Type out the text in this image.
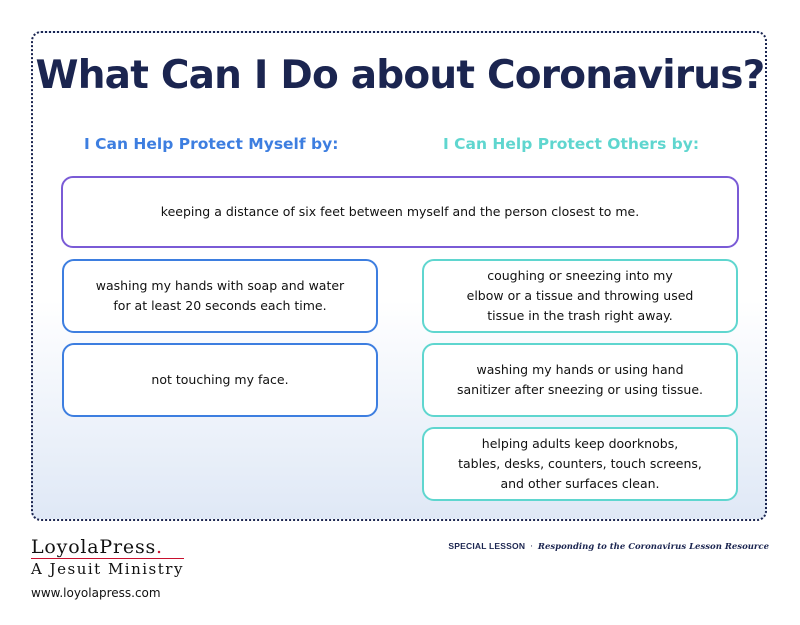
What Can I Do about Coronavirus?
I Can Help Protect Myself by:	I Can Help Protect Others by:
keeping a distance of six feet between myself and the person closest to me.
washing my hands with soap and water
for at least 20 seconds each time.
not touching my face.
coughing or sneezing into my
elbow or a tissue and throwing used
tissue in the trash right away.
washing my hands or using hand
sanitizer after sneezing or using tissue.
helping adults keep doorknobs,
tables, desks, counters, touch screens,
and other surfaces clean.
LoyolaPress.
A Jesuit Ministry
www.loyolapress.com
SPECIAL LESSON · Responding to the Coronavirus Lesson Resource
